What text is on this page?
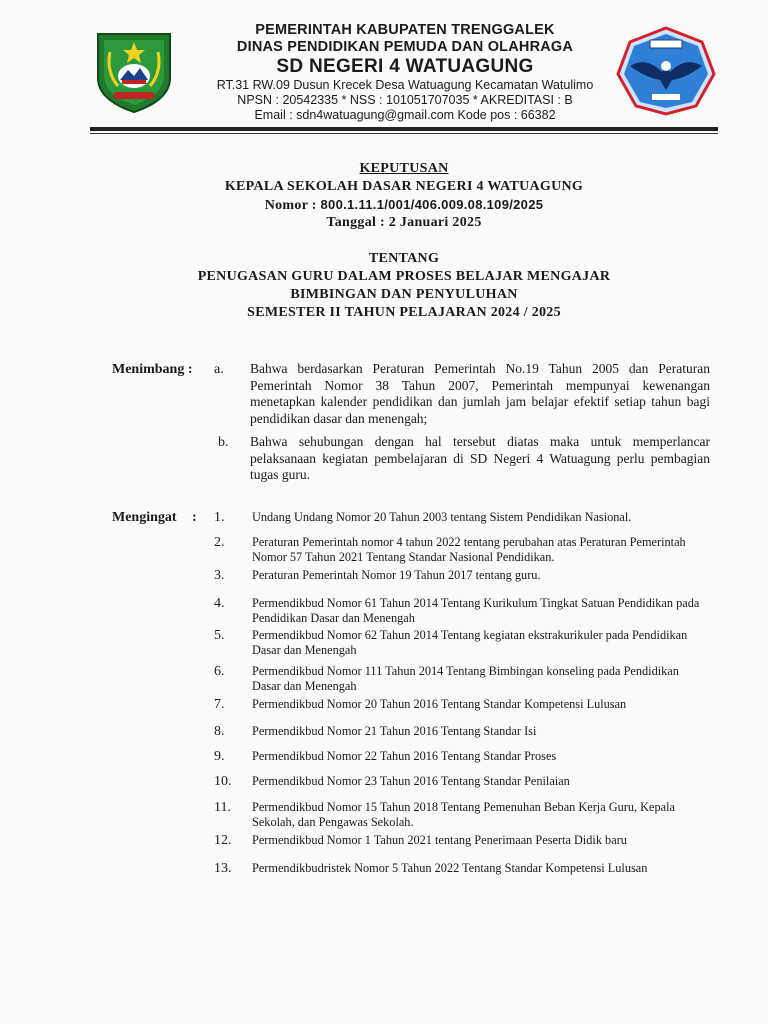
PEMERINTAH KABUPATEN TRENGGALEK
DINAS PENDIDIKAN PEMUDA DAN OLAHRAGA
SD NEGERI 4 WATUAGUNG
RT.31 RW.09 Dusun Krecek Desa Watuagung Kecamatan Watulimo
NPSN : 20542335 * NSS : 101051707035 * AKREDITASI : B
Email : sdn4watuagung@gmail.com Kode pos : 66382
KEPUTUSAN
KEPALA SEKOLAH DASAR NEGERI 4 WATUAGUNG
Nomor : 800.1.11.1/001/406.009.08.109/2025
Tanggal : 2 Januari 2025
TENTANG
PENUGASAN GURU DALAM PROSES BELAJAR MENGAJAR
BIMBINGAN DAN PENYULUHAN
SEMESTER II TAHUN PELAJARAN 2024 / 2025
Menimbang : a. Bahwa berdasarkan Peraturan Pemerintah No.19 Tahun 2005 dan Peraturan Pemerintah Nomor 38 Tahun 2007, Pemerintah mempunyai kewenangan menetapkan kalender pendidikan dan jumlah jam belajar efektif setiap tahun bagi pendidikan dasar dan menengah;
b. Bahwa sehubungan dengan hal tersebut diatas maka untuk memperlancar pelaksanaan kegiatan pembelajaran di SD Negeri 4 Watuagung perlu pembagian tugas guru.
Mengingat : 1.	Undang Undang Nomor 20 Tahun 2003 tentang Sistem Pendidikan Nasional.
2.	Peraturan Pemerintah nomor 4 tahun 2022 tentang perubahan atas Peraturan Pemerintah Nomor 57 Tahun 2021 Tentang Standar Nasional Pendidikan.
3.	Peraturan Pemerintah Nomor 19 Tahun 2017 tentang guru.
4.	Permendikbud Nomor 61 Tahun 2014 Tentang Kurikulum Tingkat Satuan Pendidikan pada Pendidikan Dasar dan Menengah
5.	Permendikbud Nomor 62 Tahun 2014 Tentang kegiatan ekstrakurikuler pada Pendidikan Dasar dan Menengah
6.	Permendikbud Nomor 111 Tahun 2014 Tentang Bimbingan konseling pada Pendidikan Dasar dan Menengah
7.	Permendikbud Nomor 20 Tahun 2016 Tentang Standar Kompetensi Lulusan
8.	Permendikbud Nomor 21 Tahun 2016 Tentang Standar Isi
9.	Permendikbud Nomor 22 Tahun 2016 Tentang Standar Proses
10.	Permendikbud Nomor 23 Tahun 2016 Tentang Standar Penilaian
11.	Permendikbud Nomor 15 Tahun 2018 Tentang Pemenuhan Beban Kerja Guru, Kepala Sekolah, dan Pengawas Sekolah.
12.	Permendikbud Nomor 1 Tahun 2021 tentang Penerimaan Peserta Didik baru
13.	Permendikbudristek Nomor 5 Tahun 2022 Tentang Standar Kompetensi Lulusan
